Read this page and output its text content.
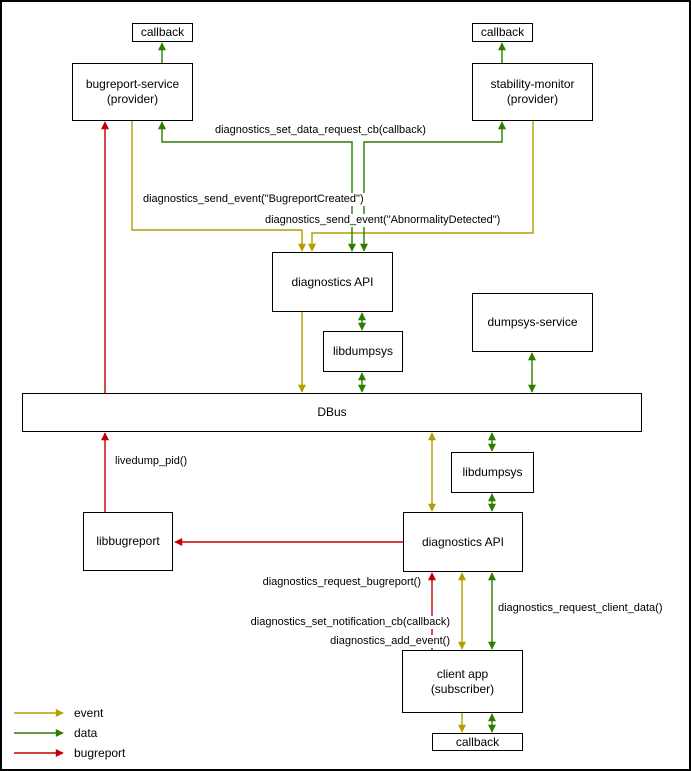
callback
bugreport-service
(provider)
callback
stability-monitor
(provider)
diagnostics API
libdumpsys
dumpsys-service
DBus
libbugreport
libdumpsys
diagnostics API
client app
(subscriber)
callback
diagnostics_set_data_request_cb(callback)
diagnostics_send_event("BugreportCreated")
diagnostics_send_event("AbnormalityDetected")
livedump_pid()
diagnostics_request_bugreport()
diagnostics_request_client_data()
diagnostics_set_notification_cb(callback)
diagnostics_add_event()
event
data
bugreport
